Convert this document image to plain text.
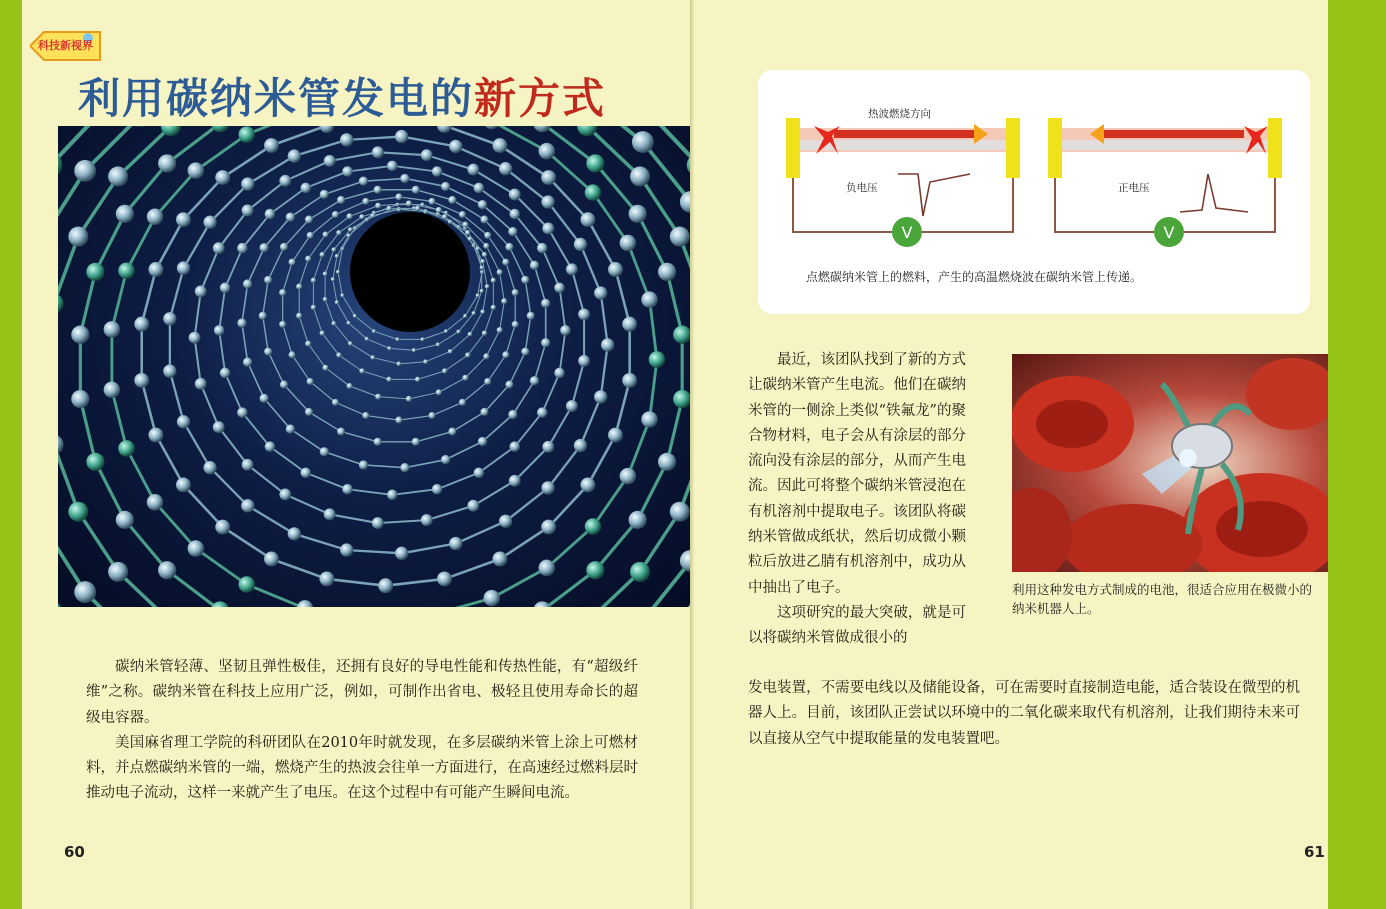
科技新视界
利用碳纳米管发电的新方式

碳纳米管轻薄、坚韧且弹性极佳，还拥有良好的导电性能和传热性能，有“超级纤维”之称。碳纳米管在科技上应用广泛，例如，可制作出省电、极轻且使用寿命长的超级电容器。

美国麻省理工学院的科研团队在2010年时就发现，在多层碳纳米管上涂上可燃材料，并点燃碳纳米管的一端，燃烧产生的热波会往单一方面进行，在高速经过燃料层时推动电子流动，这样一来就产生了电压。在这个过程中有可能产生瞬间电流。

60
V	V
热波燃烧方向
负电压	正电压
点燃碳纳米管上的燃料，产生的高温燃烧波在碳纳米管上传递。

最近，该团队找到了新的方式让碳纳米管产生电流。他们在碳纳米管的一侧涂上类似“铁氟龙”的聚合物材料，电子会从有涂层的部分流向没有涂层的部分，从而产生电流。因此可将整个碳纳米管浸泡在有机溶剂中提取电子。该团队将碳纳米管做成纸状，然后切成微小颗粒后放进乙腈有机溶剂中，成功从中抽出了电子。

这项研究的最大突破，就是可以将碳纳米管做成很小的

利用这种发电方式制成的电池，很适合应用在极微小的纳米机器人上。

发电装置，不需要电线以及储能设备，可在需要时直接制造电能，适合装设在微型的机器人上。目前，该团队正尝试以环境中的二氧化碳来取代有机溶剂，让我们期待未来可以直接从空气中提取能量的发电装置吧。

61
